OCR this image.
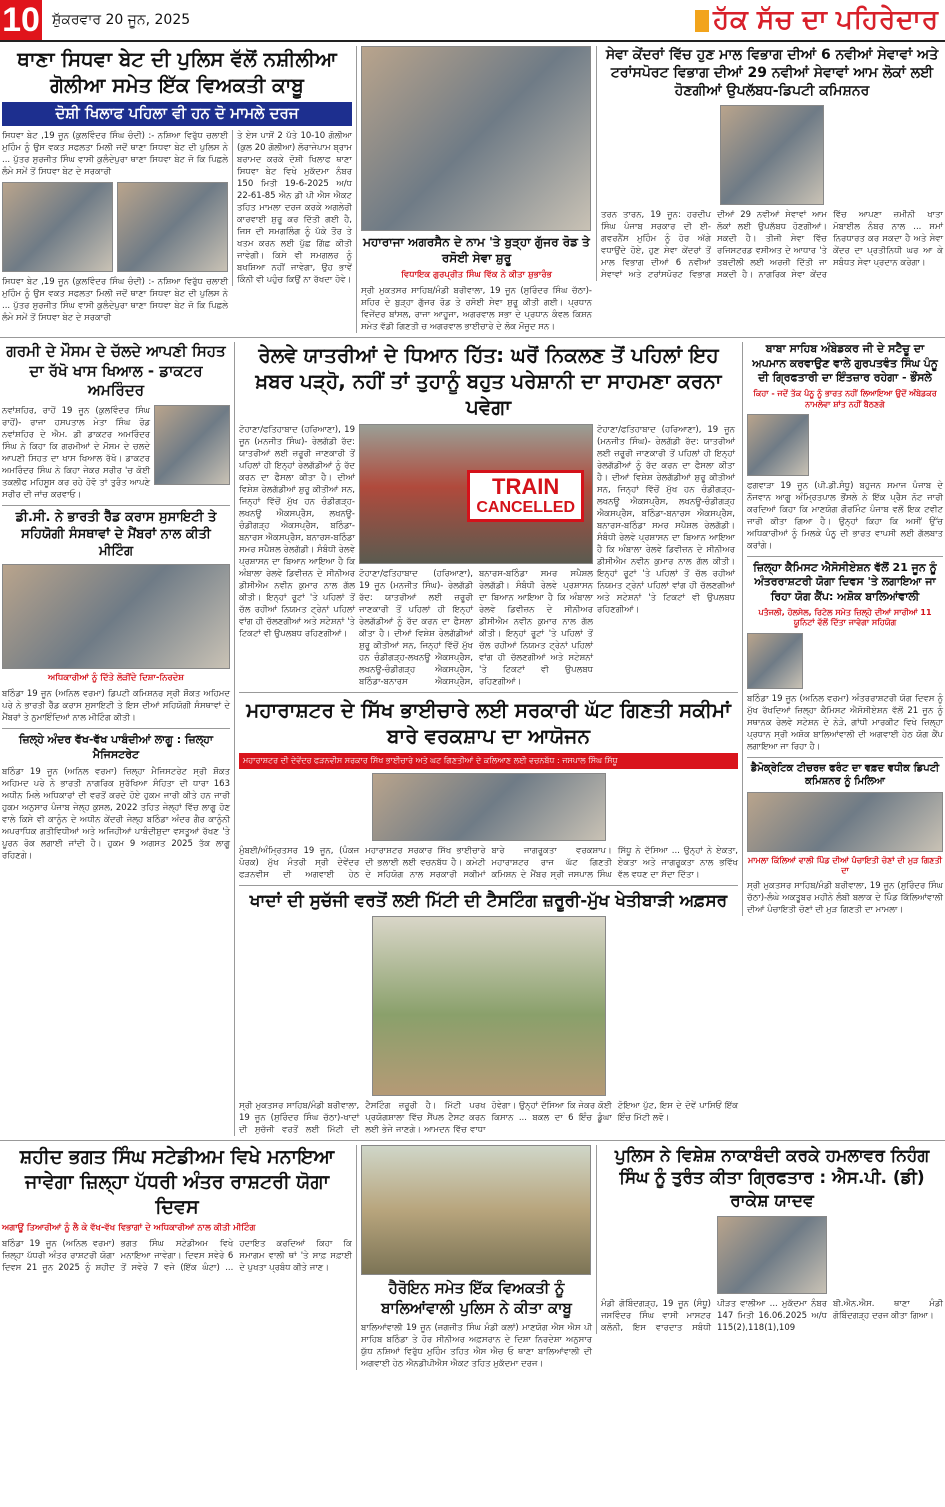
10 ਸ਼ੁੱਕਰਵਾਰ 20 ਜੂਨ, 2025	ਹੱਕ ਸੱਚ ਦਾ ਪਹਿਰੇਦਾਰ
ਥਾਣਾ ਸਿਧਵਾ ਬੇਟ ਦੀ ਪੁਲਿਸ ਵੱਲੋਂ ਨਸ਼ੀਲੀਆ ਗੋਲੀਆ ਸਮੇਤ ਇੱਕ ਵਿਅਕਤੀ ਕਾਬੂ
ਦੋਸ਼ੀ ਖਿਲਾਫ ਪਹਿਲਾ ਵੀ ਹਨ ਦੋ ਮਾਮਲੇ ਦਰਜ
ਸਿਧਵਾ ਬੇਟ ,19 ਜੂਨ (ਕੁਲਵਿੰਦਰ ਸਿੰਘ ਚੰਦੀ) :- ਨਸ਼ਿਆ ਵਿਰੁੱਧ ਚਲਾਈ ਮੁਹਿੰਮ ਨੂੰ ਉਸ ਵਕਤ ਸਫਲਤਾ ਮਿਲੀ ਜਦੋਂ ਥਾਣਾ ਸਿਧਵਾ ਬੇਟ ਦੀ ਪੁਲਿਸ ਨੇ ... ਪੁੱਤਰ ਸੁਰਜੀਤ ਸਿੰਘ ਵਾਸੀ ਕੁਲੰਦੇਪੁਰਾ ਥਾਣਾ ਸਿਧਵਾ ਬੇਟ ਜੋ ਕਿ ਪਿਛਲੇ ਲੰਮੇ ਸਮੇਂ ਤੋਂ ਸਿਧਵਾ ਬੇਟ ਦੇ ਸਰਕਾਰੀ
ਸਿਧਵਾ ਬੇਟ ,19 ਜੂਨ (ਕੁਲਵਿੰਦਰ ਸਿੰਘ ਚੰਦੀ) :- ਨਸ਼ਿਆ ਵਿਰੁੱਧ ਚਲਾਈ ਮੁਹਿੰਮ ਨੂੰ ਉਸ ਵਕਤ ਸਫਲਤਾ ਮਿਲੀ ਜਦੋਂ ਥਾਣਾ ਸਿਧਵਾ ਬੇਟ ਦੀ ਪੁਲਿਸ ਨੇ ... ਪੁੱਤਰ ਸੁਰਜੀਤ ਸਿੰਘ ਵਾਸੀ ਕੁਲੰਦੇਪੁਰਾ ਥਾਣਾ ਸਿਧਵਾ ਬੇਟ ਜੋ ਕਿ ਪਿਛਲੇ ਲੰਮੇ ਸਮੇਂ ਤੋਂ ਸਿਧਵਾ ਬੇਟ ਦੇ ਸਰਕਾਰੀ
ਤੇ ਏਸ ਪਾਸੋਂ 2 ਪੱਤੇ 10-10 ਗੋਲੀਆ (ਕੁਲ 20 ਗੋਲੀਆ) ਲੋਰਾਜੇਪਾਮ ਬ੍ਰਾਮ ਬਰਾਮਦ ਕਰਕੇ ਦੋਸ਼ੀ ਖਿਲਾਫ ਥਾਣਾ ਸਿਧਵਾ ਬੇਟ ਵਿਖੇ ਮੁਕੱਦਮਾ ਨੰਬਰ 150 ਮਿਤੀ 19-6-2025 ਅ/ਧ 22-61-85 ਐਨ ਡੀ ਪੀ ਐਸ ਐਕਟ ਤਹਿਤ ਮਾਮਲਾ ਦਰਜ ਕਰਕੇ ਅਗਲੇਰੀ ਕਾਰਵਾਈ ਸ਼ੁਰੂ ਕਰ ਦਿੱਤੀ ਗਈ ਹੈ, ਜਿਸ ਦੀ ਸਮਗਲਿੰਗ ਨੂੰ ਪੱਕੇ ਤੌਰ ਤੇ ਖਤਮ ਕਰਨ ਲਈ ਪੁੱਛ ਗਿੱਛ ਕੀਤੀ ਜਾਵੇਗੀ। ਕਿਸੇ ਵੀ ਸਮਗਲਰ ਨੂੰ ਬਖਸ਼ਿਆ ਨਹੀਂ ਜਾਵੇਗਾ, ਉਹ ਭਾਵੇਂ ਕਿੰਨੀ ਵੀ ਪਹੁੰਚ ਕਿਉਂ ਨਾ ਰੱਖਦਾ ਹੋਵੇ।
ਮਹਾਰਾਜਾ ਅਗਰਸੈਨ ਦੇ ਨਾਮ 'ਤੇ ਬੁੜ੍ਹਾ ਗੁੱਜਰ ਰੋਡ ਤੇ ਰਸੋਈ ਸੇਵਾ ਸ਼ੁਰੂ
ਵਿਧਾਇਕ ਗੁਰਪ੍ਰੀਤ ਸਿੰਘ ਵਿੱਕ ਨੇ ਕੀਤਾ ਸ਼ੁਭਾਰੰਭ
ਸ੍ਰੀ ਮੁਕਤਸਰ ਸਾਹਿਬ/ਮੰਡੀ ਬਰੀਵਾਲਾ, 19 ਜੂਨ (ਸੁਰਿੰਦਰ ਸਿੰਘ ਚੱਠਾ)- ਸ਼ਹਿਰ ਦੇ ਬੁੜ੍ਹਾ ਗੁੱਜਰ ਰੋਡ ਤੇ ਰਸੋਈ ਸੇਵਾ ਸ਼ੁਰੂ ਕੀਤੀ ਗਈ। ਪ੍ਰਧਾਨ ਵਿਜੇਂਦਰ ਬਾਂਸਲ, ਰਾਜਾ ਆਹੂਜਾ, ਅਗਰਵਾਲ ਸਭਾ ਦੇ ਪ੍ਰਧਾਨ ਕੰਵਲ ਕਿਸ਼ਨ ਸਮੇਤ ਵੱਡੀ ਗਿਣਤੀ ਚ ਅਗਰਵਾਲ ਭਾਈਚਾਰੇ ਦੇ ਲੋਕ ਮੌਜੂਦ ਸਨ।
ਸੇਵਾ ਕੇਂਦਰਾਂ ਵਿੱਚ ਹੁਣ ਮਾਲ ਵਿਭਾਗ ਦੀਆਂ 6 ਨਵੀਆਂ ਸੇਵਾਵਾਂ ਅਤੇ ਟਰਾਂਸਪੋਰਟ ਵਿਭਾਗ ਦੀਆਂ 29 ਨਵੀਆਂ ਸੇਵਾਵਾਂ ਆਮ ਲੋਕਾਂ ਲਈ ਹੋਣਗੀਆਂ ਉਪਲੱਬਧ-ਡਿਪਟੀ ਕਮਿਸ਼ਨਰ
ਤਰਨ ਤਾਰਨ, 19 ਜੂਨ: ਹਰਦੀਪ ਸਿੰਘ ਪੰਜਾਬ ਸਰਕਾਰ ਦੀ ਈ-ਗਵਰਨੈਂਸ ਮੁਹਿੰਮ ਨੂੰ ਹੋਰ ਅੱਗੇ ਵਧਾਉਂਦੇ ਹੋਏ, ਹੁਣ ਸੇਵਾ ਕੇਂਦਰਾਂ ਤੋਂ ਮਾਲ ਵਿਭਾਗ ਦੀਆਂ 6 ਨਵੀਆਂ ਸੇਵਾਵਾਂ ਅਤੇ ਟਰਾਂਸਪੋਰਟ ਵਿਭਾਗ ਦੀਆਂ 29 ਨਵੀਆਂ ਸੇਵਾਵਾਂ ਆਮ ਲੋਕਾਂ ਲਈ ਉਪਲੱਬਧ ਹੋਣਗੀਆਂ। ਸਕਦੀ ਹੈ। ਤੀਜੀ ਸੇਵਾ ਵਿੱਚ ਰਜਿਸਟਰਡ ਵਸੀਅਤ ਦੇ ਆਧਾਰ 'ਤੇ ਤਬਦੀਲੀ ਲਈ ਅਰਜ਼ੀ ਦਿੱਤੀ ਜਾ ਸਕਦੀ ਹੈ। ਨਾਗਰਿਕ ਸੇਵਾ ਕੇਂਦਰ ਵਿੱਚ ਆਪਣਾ ਜ਼ਮੀਨੀ ਖਾਤਾ ਮੋਬਾਈਲ ਨੰਬਰ ਨਾਲ ... ਸਮਾਂ ਨਿਰਧਾਰਤ ਕਰ ਸਕਦਾ ਹੈ ਅਤੇ ਸੇਵਾ ਕੇਂਦਰ ਦਾ ਪ੍ਰਤੀਨਿਧੀ ਘਰ ਆ ਕੇ ਸਬੰਧਤ ਸੇਵਾ ਪ੍ਰਦਾਨ ਕਰੇਗਾ।
ਗਰਮੀ ਦੇ ਮੌਸਮ ਦੇ ਚੱਲਦੇ ਆਪਣੀ ਸਿਹਤ ਦਾ ਰੱਖੋ ਖਾਸ ਖਿਆਲ - ਡਾਕਟਰ ਅਮਰਿੰਦਰ
ਨਵਾਂਸ਼ਹਿਰ, ਰਾਹੋਂ 19 ਜੂਨ (ਕੁਲਵਿੰਦਰ ਸਿੰਘ ਰਾਹੋਂ)- ਰਾਜਾ ਹਸਪਤਾਲ ਮੇਤਾ ਸਿੰਘ ਰੋਡ ਨਵਾਂਸ਼ਹਿਰ ਦੇ ਐਮ. ਡੀ ਡਾਕਟਰ ਅਮਰਿੰਦਰ ਸਿੰਘ ਨੇ ਕਿਹਾ ਕਿ ਗਰਮੀਆਂ ਦੇ ਮੌਸਮ ਦੇ ਚਲਦੇ ਆਪਣੀ ਸਿਹਤ ਦਾ ਖਾਸ ਖਿਆਲ ਰੱਖੋ। ਡਾਕਟਰ ਅਮਰਿੰਦਰ ਸਿੰਘ ਨੇ ਕਿਹਾ ਜੇਕਰ ਸਰੀਰ 'ਚ ਕੋਈ ਤਕਲੀਫ ਮਹਿਸੂਸ ਕਰ ਰਹੇ ਹੋਵੋ ਤਾਂ ਤੁਰੰਤ ਆਪਣੇ ਸਰੀਰ ਦੀ ਜਾਂਚ ਕਰਵਾਓ।
ਡੀ.ਸੀ. ਨੇ ਭਾਰਤੀ ਰੈੱਡ ਕਰਾਸ ਸੁਸਾਇਟੀ ਤੇ ਸਹਿਯੋਗੀ ਸੰਸਥਾਵਾਂ ਦੇ ਮੈਂਬਰਾਂ ਨਾਲ ਕੀਤੀ ਮੀਟਿੰਗ
ਅਧਿਕਾਰੀਆਂ ਨੂੰ ਦਿੱਤੇ ਲੋੜੀਂਦੇ ਦਿਸ਼ਾ-ਨਿਰਦੇਸ਼
ਬਠਿੰਡਾ 19 ਜੂਨ (ਅਨਿਲ ਵਰਮਾ) ਡਿਪਟੀ ਕਮਿਸ਼ਨਰ ਸ੍ਰੀ ਸ਼ੌਕਤ ਅਹਿਮਦ ਪਰੇ ਨੇ ਭਾਰਤੀ ਰੈੱਡ ਕਰਾਸ ਸੁਸਾਇਟੀ ਤੇ ਇਸ ਦੀਆਂ ਸਹਿਯੋਗੀ ਸੰਸਥਾਵਾਂ ਦੇ ਮੈਂਬਰਾਂ ਤੇ ਨੁਮਾਇੰਦਿਆਂ ਨਾਲ ਮੀਟਿੰਗ ਕੀਤੀ।
ਜ਼ਿਲ੍ਹੇ ਅੰਦਰ ਵੱਖ-ਵੱਖ ਪਾਬੰਦੀਆਂ ਲਾਗੂ : ਜ਼ਿਲ੍ਹਾ ਮੈਜਿਸਟਰੇਟ
ਬਠਿੰਡਾ 19 ਜੂਨ (ਅਨਿਲ ਵਰਮਾ) ਜ਼ਿਲ੍ਹਾ ਮੈਜਿਸਟਰੇਟ ਸ੍ਰੀ ਸ਼ੌਕਤ ਅਹਿਮਦ ਪਰੇ ਨੇ ਭਾਰਤੀ ਨਾਗਰਿਕ ਸੁਰੱਖਿਆ ਸੰਹਿਤਾ ਦੀ ਧਾਰਾ 163 ਅਧੀਨ ਮਿਲੇ ਅਧਿਕਾਰਾਂ ਦੀ ਵਰਤੋਂ ਕਰਦੇ ਹੋਏ ਹੁਕਮ ਜਾਰੀ ਕੀਤੇ ਹਨ ਜਾਰੀ ਹੁਕਮ ਅਨੁਸਾਰ ਪੰਜਾਬ ਜੇਲ੍ਹ ਕੁਸਲ, 2022 ਤਹਿਤ ਜੇਲ੍ਹਾਂ ਵਿੱਚ ਲਾਗੂ ਹੋਣ ਵਾਲੇ ਕਿਸੇ ਵੀ ਕਾਨੂੰਨ ਦੇ ਅਧੀਨ ਕੇਂਦਰੀ ਜੇਲ੍ਹ ਬਠਿੰਡਾ ਅੰਦਰ ਗੈਰ ਕਾਨੂੰਨੀ ਅਪਰਾਧਿਕ ਗਤੀਵਿਧੀਆਂ ਅਤੇ ਅਜਿਹੀਆਂ ਪਾਬੰਦੀਸ਼ੁਦਾ ਵਸਤੂਆਂ ਰੱਖਣ 'ਤੇ ਪੂਰਨ ਰੋਕ ਲਗਾਈ ਜਾਂਦੀ ਹੈ। ਹੁਕਮ 9 ਅਗਸਤ 2025 ਤੱਕ ਲਾਗੂ ਰਹਿਣਗੇ।
ਰੇਲਵੇ ਯਾਤਰੀਆਂ ਦੇ ਧਿਆਨ ਹਿੱਤ: ਘਰੋਂ ਨਿਕਲਣ ਤੋਂ ਪਹਿਲਾਂ ਇਹ ਖ਼ਬਰ ਪੜ੍ਹੋ, ਨਹੀਂ ਤਾਂ ਤੁਹਾਨੂੰ ਬਹੁਤ ਪਰੇਸ਼ਾਨੀ ਦਾ ਸਾਹਮਣਾ ਕਰਨਾ ਪਵੇਗਾ
ਟੋਹਾਣਾ/ਫਤਿਹਾਬਾਦ (ਹਰਿਆਣਾ), 19 ਜੂਨ (ਮਨਜੀਤ ਸਿੰਘ)- ਰੇਲਗੱਡੀ ਰੱਦ: ਯਾਤਰੀਆਂ ਲਈ ਜ਼ਰੂਰੀ ਜਾਣਕਾਰੀ ਤੋਂ ਪਹਿਲਾਂ ਹੀ ਇਨ੍ਹਾਂ ਰੇਲਗੱਡੀਆਂ ਨੂੰ ਰੱਦ ਕਰਨ ਦਾ ਫੈਸਲਾ ਕੀਤਾ ਹੈ। ਦੀਆਂ ਵਿਸ਼ੇਸ਼ ਰੇਲਗੱਡੀਆਂ ਸ਼ੁਰੂ ਕੀਤੀਆਂ ਸਨ, ਜਿਨ੍ਹਾਂ ਵਿੱਚੋਂ ਮੁੱਖ ਹਨ ਚੰਡੀਗੜ੍ਹ-ਲਖਨਊ ਐਕਸਪ੍ਰੈਸ, ਲਖਨਊ-ਚੰਡੀਗੜ੍ਹ ਐਕਸਪ੍ਰੈਸ, ਬਠਿੰਡਾ-ਬਨਾਰਸ ਐਕਸਪ੍ਰੈਸ, ਬਨਾਰਸ-ਬਠਿੰਡਾ ਸਮਰ ਸਪੈਸ਼ਲ ਰੇਲਗੱਡੀ। ਸੰਬੰਧੀ ਰੇਲਵੇ ਪ੍ਰਸ਼ਾਸਨ ਦਾ ਬਿਆਨ ਆਇਆ ਹੈ ਕਿ ਅੰਬਾਲਾ ਰੇਲਵੇ ਡਿਵੀਜ਼ਨ ਦੇ ਸੀਨੀਅਰ ਡੀਸੀਐਮ ਨਵੀਨ ਕੁਮਾਰ ਨਾਲ ਗੱਲ ਕੀਤੀ। ਇਨ੍ਹਾਂ ਰੂਟਾਂ 'ਤੇ ਪਹਿਲਾਂ ਤੋਂ ਚੱਲ ਰਹੀਆਂ ਨਿਯਮਤ ਟ੍ਰੇਨਾਂ ਪਹਿਲਾਂ ਵਾਂਗ ਹੀ ਚੱਲਣਗੀਆਂ ਅਤੇ ਸਟੇਸ਼ਨਾਂ 'ਤੇ ਟਿਕਟਾਂ ਵੀ ਉਪਲਬਧ ਰਹਿਣਗੀਆਂ।
TRAIN
CANCELLED
ਟੋਹਾਣਾ/ਫਤਿਹਾਬਾਦ (ਹਰਿਆਣਾ), 19 ਜੂਨ (ਮਨਜੀਤ ਸਿੰਘ)- ਰੇਲਗੱਡੀ ਰੱਦ: ਯਾਤਰੀਆਂ ਲਈ ਜ਼ਰੂਰੀ ਜਾਣਕਾਰੀ ਤੋਂ ਪਹਿਲਾਂ ਹੀ ਇਨ੍ਹਾਂ ਰੇਲਗੱਡੀਆਂ ਨੂੰ ਰੱਦ ਕਰਨ ਦਾ ਫੈਸਲਾ ਕੀਤਾ ਹੈ। ਦੀਆਂ ਵਿਸ਼ੇਸ਼ ਰੇਲਗੱਡੀਆਂ ਸ਼ੁਰੂ ਕੀਤੀਆਂ ਸਨ, ਜਿਨ੍ਹਾਂ ਵਿੱਚੋਂ ਮੁੱਖ ਹਨ ਚੰਡੀਗੜ੍ਹ-ਲਖਨਊ ਐਕਸਪ੍ਰੈਸ, ਲਖਨਊ-ਚੰਡੀਗੜ੍ਹ ਐਕਸਪ੍ਰੈਸ, ਬਠਿੰਡਾ-ਬਨਾਰਸ ਐਕਸਪ੍ਰੈਸ, ਬਨਾਰਸ-ਬਠਿੰਡਾ ਸਮਰ ਸਪੈਸ਼ਲ ਰੇਲਗੱਡੀ। ਸੰਬੰਧੀ ਰੇਲਵੇ ਪ੍ਰਸ਼ਾਸਨ ਦਾ ਬਿਆਨ ਆਇਆ ਹੈ ਕਿ ਅੰਬਾਲਾ ਰੇਲਵੇ ਡਿਵੀਜ਼ਨ ਦੇ ਸੀਨੀਅਰ ਡੀਸੀਐਮ ਨਵੀਨ ਕੁਮਾਰ ਨਾਲ ਗੱਲ ਕੀਤੀ। ਇਨ੍ਹਾਂ ਰੂਟਾਂ 'ਤੇ ਪਹਿਲਾਂ ਤੋਂ ਚੱਲ ਰਹੀਆਂ ਨਿਯਮਤ ਟ੍ਰੇਨਾਂ ਪਹਿਲਾਂ ਵਾਂਗ ਹੀ ਚੱਲਣਗੀਆਂ ਅਤੇ ਸਟੇਸ਼ਨਾਂ 'ਤੇ ਟਿਕਟਾਂ ਵੀ ਉਪਲਬਧ ਰਹਿਣਗੀਆਂ।
ਟੋਹਾਣਾ/ਫਤਿਹਾਬਾਦ (ਹਰਿਆਣਾ), 19 ਜੂਨ (ਮਨਜੀਤ ਸਿੰਘ)- ਰੇਲਗੱਡੀ ਰੱਦ: ਯਾਤਰੀਆਂ ਲਈ ਜ਼ਰੂਰੀ ਜਾਣਕਾਰੀ ਤੋਂ ਪਹਿਲਾਂ ਹੀ ਇਨ੍ਹਾਂ ਰੇਲਗੱਡੀਆਂ ਨੂੰ ਰੱਦ ਕਰਨ ਦਾ ਫੈਸਲਾ ਕੀਤਾ ਹੈ। ਦੀਆਂ ਵਿਸ਼ੇਸ਼ ਰੇਲਗੱਡੀਆਂ ਸ਼ੁਰੂ ਕੀਤੀਆਂ ਸਨ, ਜਿਨ੍ਹਾਂ ਵਿੱਚੋਂ ਮੁੱਖ ਹਨ ਚੰਡੀਗੜ੍ਹ-ਲਖਨਊ ਐਕਸਪ੍ਰੈਸ, ਲਖਨਊ-ਚੰਡੀਗੜ੍ਹ ਐਕਸਪ੍ਰੈਸ, ਬਠਿੰਡਾ-ਬਨਾਰਸ ਐਕਸਪ੍ਰੈਸ, ਬਨਾਰਸ-ਬਠਿੰਡਾ ਸਮਰ ਸਪੈਸ਼ਲ ਰੇਲਗੱਡੀ। ਸੰਬੰਧੀ ਰੇਲਵੇ ਪ੍ਰਸ਼ਾਸਨ ਦਾ ਬਿਆਨ ਆਇਆ ਹੈ ਕਿ ਅੰਬਾਲਾ ਰੇਲਵੇ ਡਿਵੀਜ਼ਨ ਦੇ ਸੀਨੀਅਰ ਡੀਸੀਐਮ ਨਵੀਨ ਕੁਮਾਰ ਨਾਲ ਗੱਲ ਕੀਤੀ। ਇਨ੍ਹਾਂ ਰੂਟਾਂ 'ਤੇ ਪਹਿਲਾਂ ਤੋਂ ਚੱਲ ਰਹੀਆਂ ਨਿਯਮਤ ਟ੍ਰੇਨਾਂ ਪਹਿਲਾਂ ਵਾਂਗ ਹੀ ਚੱਲਣਗੀਆਂ ਅਤੇ ਸਟੇਸ਼ਨਾਂ 'ਤੇ ਟਿਕਟਾਂ ਵੀ ਉਪਲਬਧ ਰਹਿਣਗੀਆਂ।
ਮਹਾਰਾਸ਼ਟਰ ਦੇ ਸਿੱਖ ਭਾਈਚਾਰੇ ਲਈ ਸਰਕਾਰੀ ਘੱਟ ਗਿਣਤੀ ਸਕੀਮਾਂ ਬਾਰੇ ਵਰਕਸ਼ਾਪ ਦਾ ਆਯੋਜਨ
ਮਹਾਰਾਸ਼ਟਰ ਦੀ ਦੇਵੇਂਦਰ ਫੜਨਵੀਸ ਸਰਕਾਰ ਸਿੱਖ ਭਾਈਚਾਰੇ ਅਤੇ ਘਟ ਗਿਣਤੀਆਂ ਦੇ ਕਲਿਆਣ ਲਈ ਵਚਨਬੱਧ : ਜਸਪਾਲ ਸਿੰਘ ਸਿੱਧੂ
ਮੁੰਬਈ/ਅੰਮ੍ਰਿਤਸਰ 19 ਜੂਨ, (ਪੰਕਜ ਪੋਰਕ) ਮੁੱਖ ਮੰਤਰੀ ਸ੍ਰੀ ਦੇਵੇਂਦਰ ਫੜਨਵੀਸ ਦੀ ਅਗਵਾਈ ਹੇਠ ਮਹਾਰਾਸ਼ਟਰ ਸਰਕਾਰ ਸਿੱਖ ਭਾਈਚਾਰੇ ਦੀ ਭਲਾਈ ਲਈ ਵਚਨਬੱਧ ਹੈ। ਕਮੇਟੀ ਦੇ ਸਹਿਯੋਗ ਨਾਲ ਸਰਕਾਰੀ ਸਕੀਮਾਂ ਬਾਰੇ ਜਾਗਰੂਕਤਾ ਵਰਕਸ਼ਾਪ। ਮਹਾਰਾਸ਼ਟਰ ਰਾਜ ਘੱਟ ਗਿਣਤੀ ਕਮਿਸ਼ਨ ਦੇ ਮੈਂਬਰ ਸ੍ਰੀ ਜਸਪਾਲ ਸਿੰਘ ਸਿੱਧੂ ਨੇ ਦੱਸਿਆ ... ਉਨ੍ਹਾਂ ਨੇ ਏਕਤਾ, ਏਕਤਾ ਅਤੇ ਜਾਗਰੂਕਤਾ ਨਾਲ ਭਵਿੱਖ ਵੱਲ ਵਧਣ ਦਾ ਸੱਦਾ ਦਿੱਤਾ।
ਖਾਦਾਂ ਦੀ ਸੁਚੱਜੀ ਵਰਤੋਂ ਲਈ ਮਿੱਟੀ ਦੀ ਟੈਸਟਿੰਗ ਜ਼ਰੂਰੀ-ਮੁੱਖ ਖੇਤੀਬਾੜੀ ਅਫ਼ਸਰ
ਸ੍ਰੀ ਮੁਕਤਸਰ ਸਾਹਿਬ/ਮੰਡੀ ਬਰੀਵਾਲਾ, 19 ਜੂਨ (ਸੁਰਿੰਦਰ ਸਿੰਘ ਚੱਠਾ)-ਖਾਦਾਂ ਦੀ ਸੁਚੱਜੀ ਵਰਤੋਂ ਲਈ ਮਿੱਟੀ ਦੀ ਟੈਸਟਿੰਗ ਜ਼ਰੂਰੀ ਹੈ। ਮਿੱਟੀ ਪਰਖ ਪ੍ਰਯੋਗਸ਼ਾਲਾ ਵਿੱਚ ਸੈਂਪਲ ਟੈਸਟ ਕਰਨ ਲਈ ਭੇਜੇ ਜਾਣਗੇ। ਆਮਦਨ ਵਿੱਚ ਵਾਧਾ ਹੋਵੇਗਾ। ਉਨ੍ਹਾਂ ਦੱਸਿਆ ਕਿ ਜੇਕਰ ਕੋਈ ਕਿਸਾਨ ... ਬਕਲ ਦਾ 6 ਇੰਚ ਡੂੰਘਾ ਟੋਇਆ ਪੁੱਟ, ਇਸ ਦੇ ਦੋਵੇਂ ਪਾਸਿਓਂ ਇੱਕ ਇੰਚ ਮਿੱਟੀ ਲਵੋ।
ਬਾਬਾ ਸਾਹਿਬ ਅੰਬੇਡਕਰ ਜੀ ਦੇ ਸਟੈਚੂ ਦਾ ਅਪਮਾਨ ਕਰਵਾਉਣ ਵਾਲੇ ਗੁਰਪਤਵੰਤ ਸਿੰਘ ਪੰਨੂ ਦੀ ਗ੍ਰਿਫਤਾਰੀ ਦਾ ਇੰਤਜ਼ਾਰ ਰਹੇਗਾ - ਭੌਂਸਲੇ
ਕਿਹਾ - ਜਦੋਂ ਤੱਕ ਪੰਨੂ ਨੂੰ ਭਾਰਤ ਨਹੀਂ ਲਿਆਇਆ ਉਦੋਂ ਅੰਬੇਡਕਰ ਨਾਮਲੇਵਾ ਸ਼ਾਂਤ ਨਹੀਂ ਬੈਠਣਗੇ
ਫਗਵਾੜਾ 19 ਜੂਨ (ਪੀ.ਡੀ.ਸੰਧੂ) ਬਹੁਜਨ ਸਮਾਜ ਪੰਜਾਬ ਦੇ ਨੌਜਵਾਨ ਆਗੂ ਅੰਮ੍ਰਿਤਪਾਲ ਭੌਂਸਲੇ ਨੇ ਇੱਕ ਪ੍ਰੈਸ ਨੋਟ ਜਾਰੀ ਕਰਦਿਆਂ ਕਿਹਾ ਕਿ ਮਾਣਯੋਗ ਗੌਰਮਿੰਟ ਪੰਜਾਬ ਵਲੋਂ ਇਕ ਟਵੀਟ ਜਾਰੀ ਕੀਤਾ ਗਿਆ ਹੈ। ਉਨ੍ਹਾਂ ਕਿਹਾ ਕਿ ਅਸੀਂ ਉੱਚ ਅਧਿਕਾਰੀਆਂ ਨੂੰ ਮਿਲਕੇ ਪੰਨੂ ਦੀ ਭਾਰਤ ਵਾਪਸੀ ਲਈ ਗੱਲਬਾਤ ਕਰਾਂਗੇ।
ਜ਼ਿਲ੍ਹਾ ਕੈਮਿਸਟ ਐਸੋਸੀਏਸ਼ਨ ਵੱਲੋਂ 21 ਜੂਨ ਨੂੰ ਅੰਤਰਰਾਸ਼ਟਰੀ ਯੋਗਾ ਦਿਵਸ 'ਤੇ ਲਗਾਇਆ ਜਾ ਰਿਹਾ ਯੋਗ ਕੈਂਪ: ਅਸ਼ੋਕ ਬਾਲਿਆਂਵਾਲੀ
ਪਤੰਜਲੀ, ਹੋਲਸੇਲ, ਰਿਟੇਲ ਸਮੇਤ ਜ਼ਿਲ੍ਹੇ ਦੀਆਂ ਸਾਰੀਆਂ 11 ਯੂਨਿਟਾਂ ਵੱਲੋਂ ਦਿੱਤਾ ਜਾਵੇਗਾ ਸਹਿਯੋਗ
ਬਠਿੰਡਾ 19 ਜੂਨ (ਅਨਿਲ ਵਰਮਾ) ਅੰਤਰਰਾਸ਼ਟਰੀ ਯੋਗ ਦਿਵਸ ਨੂੰ ਮੁੱਖ ਰੱਖਦਿਆਂ ਜ਼ਿਲ੍ਹਾ ਕੈਮਿਸਟ ਐਸੋਸੀਏਸ਼ਨ ਵੱਲੋਂ 21 ਜੂਨ ਨੂੰ ਸਥਾਨਕ ਰੇਲਵੇ ਸਟੇਸ਼ਨ ਦੇ ਨੇੜੇ, ਗਾਂਧੀ ਮਾਰਕੀਟ ਵਿਖੇ ਜ਼ਿਲ੍ਹਾ ਪ੍ਰਧਾਨ ਸ੍ਰੀ ਅਸ਼ੋਕ ਬਾਲਿਆਂਵਾਲੀ ਦੀ ਅਗਵਾਈ ਹੇਠ ਯੋਗ ਕੈਂਪ ਲਗਾਇਆ ਜਾ ਰਿਹਾ ਹੈ।
ਡੈਮੋਕ੍ਰੇਟਿਕ ਟੀਚਰਜ਼ ਫਰੰਟ ਦਾ ਵਫ਼ਦ ਵਧੀਕ ਡਿਪਟੀ ਕਮਿਸ਼ਨਰ ਨੂੰ ਮਿਲਿਆ
ਮਾਮਲਾ ਕਿੱਲਿਆਂ ਵਾਲੀ ਪਿੰਡ ਦੀਆਂ ਪੰਚਾਇਤੀ ਚੋਣਾਂ ਦੀ ਮੁੜ ਗਿਣਤੀ ਦਾ
ਸ੍ਰੀ ਮੁਕਤਸਰ ਸਾਹਿਬ/ਮੰਡੀ ਬਰੀਵਾਲਾ, 19 ਜੂਨ (ਸੁਰਿੰਦਰ ਸਿੰਘ ਚੱਠਾ)-ਲੰਘੇ ਅਕਤੂਬਰ ਮਹੀਨੇ ਲੰਬੀ ਬਲਾਕ ਦੇ ਪਿੰਡ ਕਿੱਲਿਆਂਵਾਲੀ ਦੀਆਂ ਪੰਚਾਇਤੀ ਚੋਣਾਂ ਦੀ ਮੁੜ ਗਿਣਤੀ ਦਾ ਮਾਮਲਾ।
ਸ਼ਹੀਦ ਭਗਤ ਸਿੰਘ ਸਟੇਡੀਅਮ ਵਿਖੇ ਮਨਾਇਆ ਜਾਵੇਗਾ ਜ਼ਿਲ੍ਹਾ ਪੱਧਰੀ ਅੰਤਰ ਰਾਸ਼ਟਰੀ ਯੋਗਾ ਦਿਵਸ
ਅਗਾਊਂ ਤਿਆਰੀਆਂ ਨੂੰ ਲੈ ਕੇ ਵੱਖ-ਵੱਖ ਵਿਭਾਗਾਂ ਦੇ ਅਧਿਕਾਰੀਆਂ ਨਾਲ ਕੀਤੀ ਮੀਟਿੰਗ
ਬਠਿੰਡਾ 19 ਜੂਨ (ਅਨਿਲ ਵਰਮਾ) ਜ਼ਿਲ੍ਹਾ ਪੱਧਰੀ ਅੰਤਰ ਰਾਸ਼ਟਰੀ ਯੋਗਾ ਦਿਵਸ 21 ਜੂਨ 2025 ਨੂੰ ਸ਼ਹੀਦ ਭਗਤ ਸਿੰਘ ਸਟੇਡੀਅਮ ਵਿਖੇ ਮਨਾਇਆ ਜਾਵੇਗਾ। ਦਿਵਸ ਸਵੇਰੇ 6 ਤੋਂ ਸਵੇਰੇ 7 ਵਜੇ (ਇੱਕ ਘੰਟਾ) ... ਹਦਾਇਤ ਕਰਦਿਆਂ ਕਿਹਾ ਕਿ ਸਮਾਗਮ ਵਾਲੀ ਥਾਂ 'ਤੇ ਸਾਫ਼ ਸਫ਼ਾਈ ਦੇ ਪੁਖਤਾ ਪ੍ਰਬੰਧ ਕੀਤੇ ਜਾਣ।
ਹੈਰੋਇਨ ਸਮੇਤ ਇੱਕ ਵਿਅਕਤੀ ਨੂੰ ਬਾਲਿਆਂਵਾਲੀ ਪੁਲਿਸ ਨੇ ਕੀਤਾ ਕਾਬੂ
ਬਾਲਿਆਂਵਾਲੀ 19 ਜੂਨ (ਜਗਜੀਤ ਸਿੰਘ ਮੰਡੀ ਕਲਾਂ) ਮਾਣਯੋਗ ਐਸ ਐਸ ਪੀ ਸਾਹਿਬ ਬਠਿੰਡਾ ਤੇ ਹੋਰ ਸੀਨੀਅਰ ਅਫ਼ਸਰਾਨ ਦੇ ਦਿਸ਼ਾ ਨਿਰਦੇਸ਼ਾ ਅਨੁਸਾਰ ਯੁੱਧ ਨਸ਼ਿਆਂ ਵਿਰੁੱਧ ਮੁਹਿੰਮ ਤਹਿਤ ਐਸ ਐਚ ਓ ਥਾਣਾ ਬਾਲਿਆਂਵਾਲੀ ਦੀ ਅਗਵਾਈ ਹੇਠ ਐਨਡੀਪੀਐਸ ਐਕਟ ਤਹਿਤ ਮੁਕੱਦਮਾ ਦਰਜ।
ਪੁਲਿਸ ਨੇ ਵਿਸ਼ੇਸ਼ ਨਾਕਾਬੰਦੀ ਕਰਕੇ ਹਮਲਾਵਰ ਨਿਹੰਗ ਸਿੰਘ ਨੂੰ ਤੁਰੰਤ ਕੀਤਾ ਗ੍ਰਿਫਤਾਰ : ਐਸ.ਪੀ. (ਡੀ) ਰਾਕੇਸ਼ ਯਾਦਵ
ਮੰਡੀ ਗੋਬਿੰਦਗੜ੍ਹ, 19 ਜੂਨ (ਸੰਧੂ) ਜਸਵਿੰਦਰ ਸਿੰਘ ਵਾਸੀ ਮਾਸਟਰ ਕਲੋਨੀ, ਇਸ ਵਾਰਦਾਤ ਸਬੰਧੀ ਪੀੜਤ ਵਾਲੀਆ ... ਮੁਕੱਦਮਾ ਨੰਬਰ 147 ਮਿਤੀ 16.06.2025 ਅ/ਧ 115(2),118(1),109 ਬੀ.ਐਨ.ਐਸ. ਥਾਣਾ ਮੰਡੀ ਗੋਬਿੰਦਗੜ੍ਹ ਦਰਜ ਕੀਤਾ ਗਿਆ।
